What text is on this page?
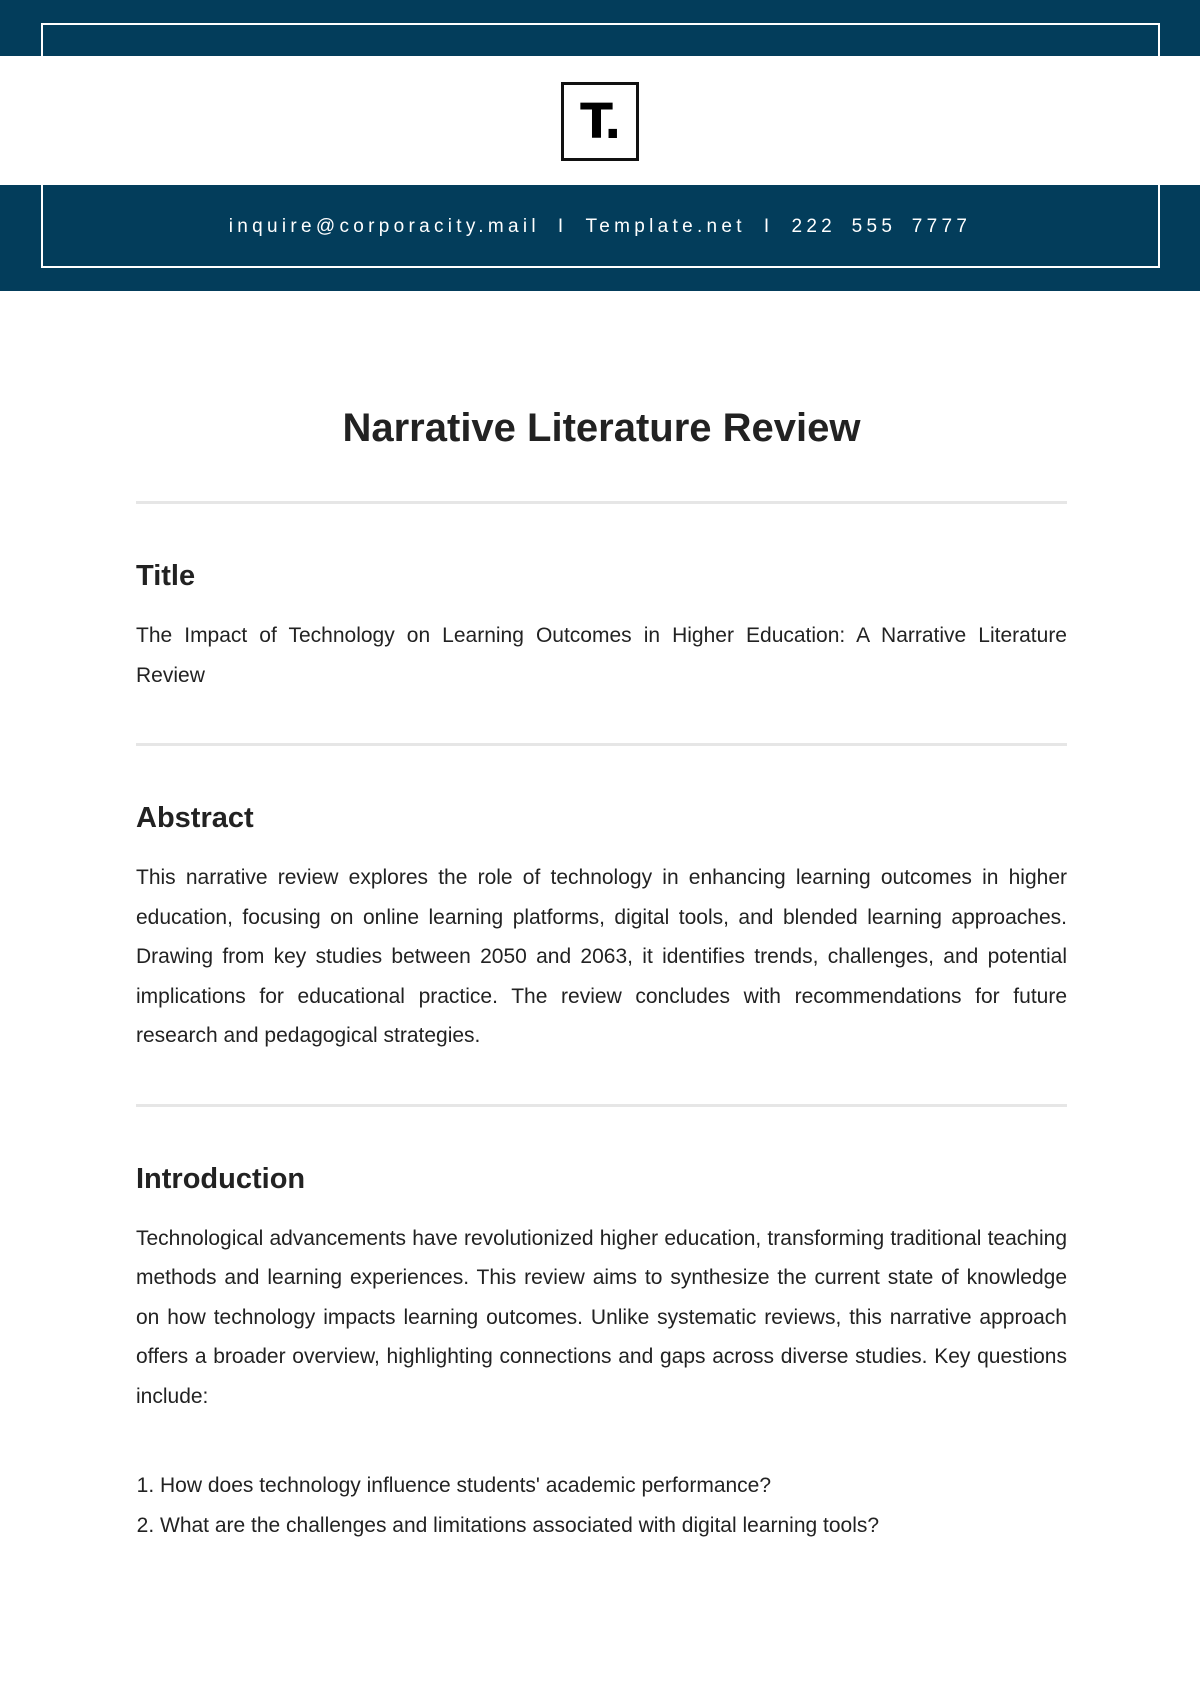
T.
inquire@corporacity.mail I Template.net I 222 555 7777
Narrative Literature Review
Title

The Impact of Technology on Learning Outcomes in Higher Education: A Narrative Literature Review

Abstract

This narrative review explores the role of technology in enhancing learning outcomes in higher education, focusing on online learning platforms, digital tools, and blended learning approaches. Drawing from key studies between 2050 and 2063, it identifies trends, challenges, and potential implications for educational practice. The review concludes with recommendations for future research and pedagogical strategies.

Introduction

Technological advancements have revolutionized higher education, transforming traditional teaching methods and learning experiences. This review aims to synthesize the current state of knowledge on how technology impacts learning outcomes. Unlike systematic reviews, this narrative approach offers a broader overview, highlighting connections and gaps across diverse studies. Key questions include:

1. How does technology influence students' academic performance?
2. What are the challenges and limitations associated with digital learning tools?
